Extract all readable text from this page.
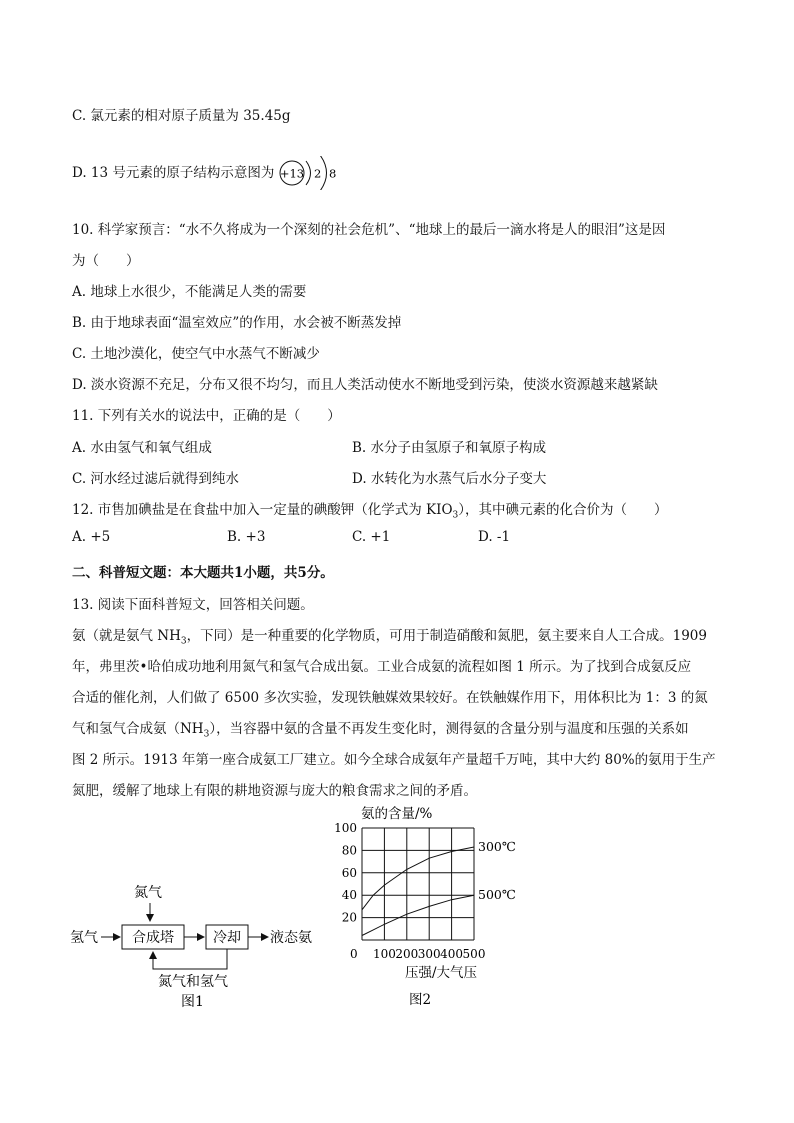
C. 氯元素的相对原子质量为 35.45g
D. 13 号元素的原子结构示意图为 +13 2 8
10. 科学家预言：“水不久将成为一个深刻的社会危机”、“地球上的最后一滴水将是人的眼泪”这是因
为（　　）
A. 地球上水很少，不能满足人类的需要
B. 由于地球表面“温室效应”的作用，水会被不断蒸发掉
C. 土地沙漠化，使空气中水蒸气不断减少
D. 淡水资源不充足，分布又很不均匀，而且人类活动使水不断地受到污染，使淡水资源越来越紧缺
11. 下列有关水的说法中，正确的是（　　）
A. 水由氢气和氧气组成	B. 水分子由氢原子和氧原子构成
C. 河水经过滤后就得到纯水	D. 水转化为水蒸气后水分子变大
12. 市售加碘盐是在食盐中加入一定量的碘酸钾（化学式为 $KIO_3$），其中碘元素的化合价为（　　）
A. +5	B. +3	C. +1	D. -1
二、科普短文题：本大题共1小题，共5分。
13. 阅读下面科普短文，回答相关问题。
氨（就是氨气 $NH_3$，下同）是一种重要的化学物质，可用于制造硝酸和氮肥，氨主要来自人工合成。1909
年，弗里茨•哈伯成功地利用氮气和氢气合成出氨。工业合成氨的流程如图 1 所示。为了找到合成氨反应
合适的催化剂，人们做了 6500 多次实验，发现铁触媒效果较好。在铁触媒作用下，用体积比为 1：3 的氮
气和氢气合成氨$(NH_3)$，当容器中氨的含量不再发生变化时，测得氨的含量分别与温度和压强的关系如
图 2 所示。1913 年第一座合成氨工厂建立。如今全球合成氨年产量超千万吨，其中大约 80%的氨用于生产
氮肥，缓解了地球上有限的耕地资源与庞大的粮食需求之间的矛盾。
氮气
氢气 合成塔	冷却 液态氨
氮气和氢气
图1
氨的含量/%
压强/大气压
图2
0 100 200 300 400 500
20
40
60
80
100
300℃
500℃
